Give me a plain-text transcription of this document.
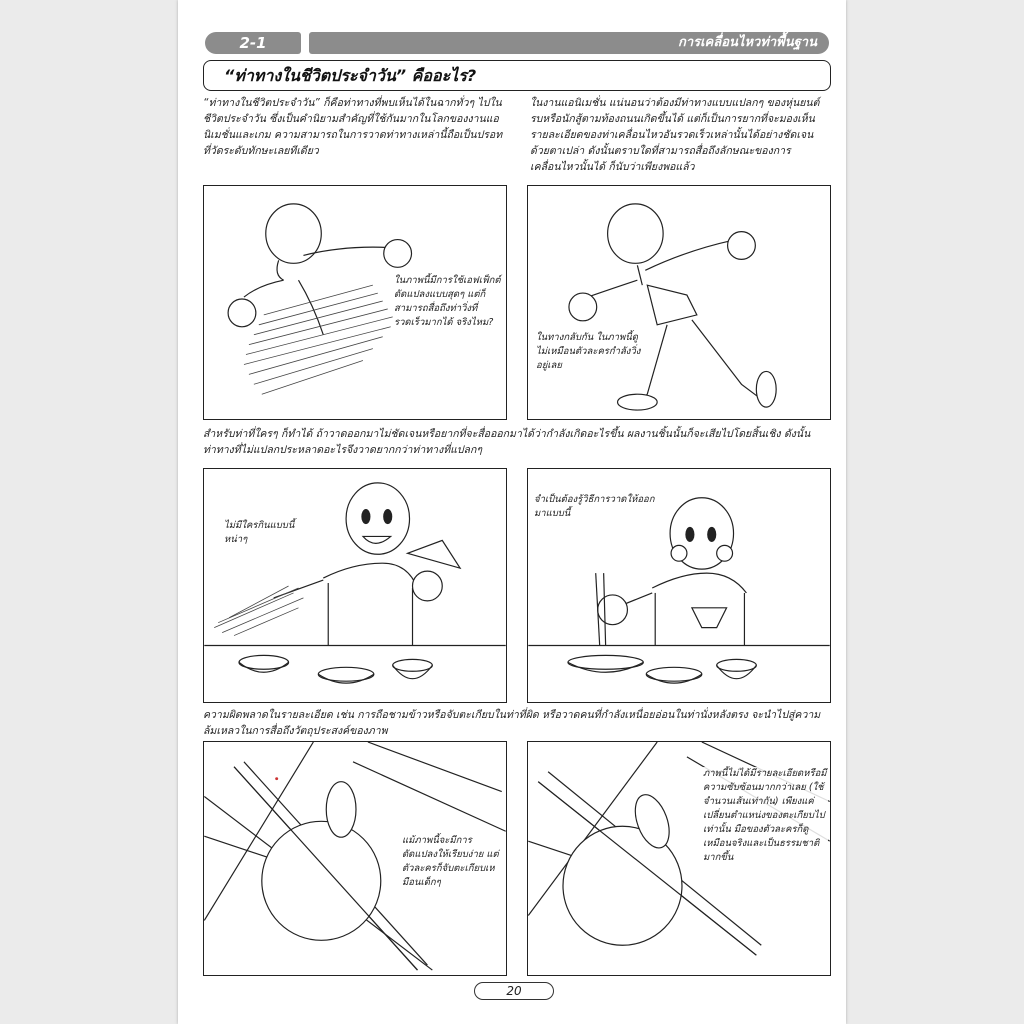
2-1	การเคลื่อนไหวท่าพื้นฐาน
“ท่าทางในชีวิตประจำวัน” คืออะไร?

“ท่าทางในชีวิตประจำวัน” ก็คือท่าทางที่พบเห็นได้ในฉากทั่วๆ ไปในชีวิตประจำวัน ซึ่งเป็นคำนิยามสำคัญที่ใช้กันมากในโลกของงานแอนิเมชั่นและเกม ความสามารถในการวาดท่าทางเหล่านี้ถือเป็นปรอทที่วัดระดับทักษะเลยทีเดียว

ในงานแอนิเมชั่น แน่นอนว่าต้องมีท่าทางแบบแปลกๆ ของหุ่นยนต์รบหรือนักสู้ตามท้องถนนเกิดขึ้นได้ แต่ก็เป็นการยากที่จะมองเห็นรายละเอียดของท่าเคลื่อนไหวอันรวดเร็วเหล่านั้นได้อย่างชัดเจนด้วยตาเปล่า ดังนั้นตราบใดที่สามารถสื่อถึงลักษณะของการเคลื่อนไหวนั้นได้ ก็นับว่าเพียงพอแล้ว

ในภาพนี้มีการใช้เอฟเฟ็กต์ดัดแปลงแบบสุดๆ แต่ก็สามารถสื่อถึงท่าวิ่งที่รวดเร็วมากได้ จริงไหม?

ในทางกลับกัน ในภาพนี้ดูไม่เหมือนตัวละครกำลังวิ่งอยู่เลย

สำหรับท่าที่ใครๆ ก็ทำได้ ถ้าวาดออกมาไม่ชัดเจนหรือยากที่จะสื่อออกมาได้ว่ากำลังเกิดอะไรขึ้น ผลงานชิ้นนั้นก็จะเสียไปโดยสิ้นเชิง ดังนั้นท่าทางที่ไม่แปลกประหลาดอะไรจึงวาดยากกว่าท่าทางที่แปลกๆ

ไม่มีใครกินแบบนี้หน่าๆ

จำเป็นต้องรู้วิธีการวาดให้ออกมาแบบนี้

ความผิดพลาดในรายละเอียด เช่น การถือชามข้าวหรือจับตะเกียบในท่าที่ผิด หรือวาดคนที่กำลังเหนื่อยอ่อนในท่านั่งหลังตรง จะนำไปสู่ความล้มเหลวในการสื่อถึงวัตถุประสงค์ของภาพ

แม้ภาพนี้จะมีการดัดแปลงให้เรียบง่าย แต่ตัวละครก็จับตะเกียบเหมือนเด็กๆ

ภาพนี้ไม่ได้มีรายละเอียดหรือมีความซับซ้อนมากกว่าเลย (ใช้จำนวนเส้นเท่ากัน) เพียงแค่เปลี่ยนตำแหน่งของตะเกียบไปเท่านั้น มือของตัวละครก็ดูเหมือนจริงและเป็นธรรมชาติมากขึ้น

20
